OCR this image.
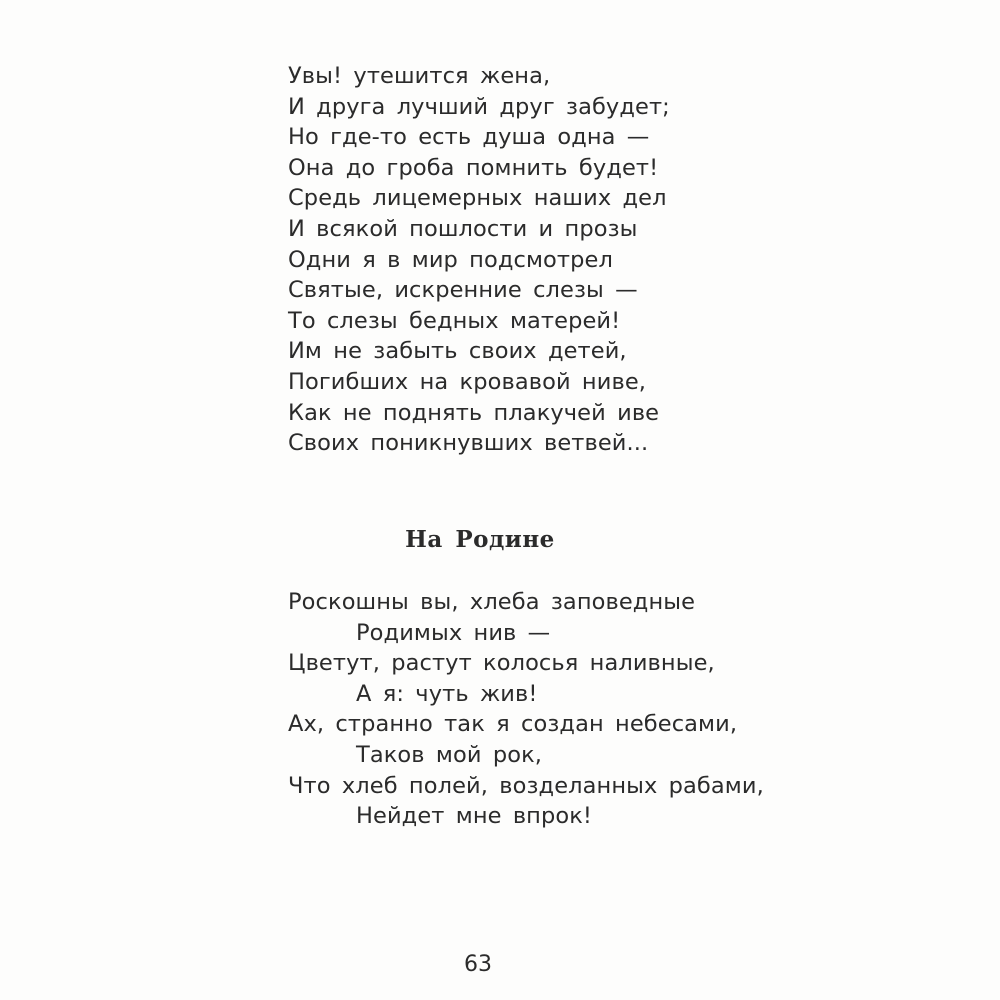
Увы! утешится жена,
И друга лучший друг забудет;
Но где-то есть душа одна —
Она до гроба помнить будет!
Средь лицемерных наших дел
И всякой пошлости и прозы
Одни я в мир подсмотрел
Святые, искренние слезы —
То слезы бедных матерей!
Им не забыть своих детей,
Погибших на кровавой ниве,
Как не поднять плакучей иве
Своих поникнувших ветвей...
На Родине
Роскошны вы, хлеба заповедные
Родимых нив —
Цветут, растут колосья наливные,
А я: чуть жив!
Ах, странно так я создан небесами,
Таков мой рок,
Что хлеб полей, возделанных рабами,
Нейдет мне впрок!

63
